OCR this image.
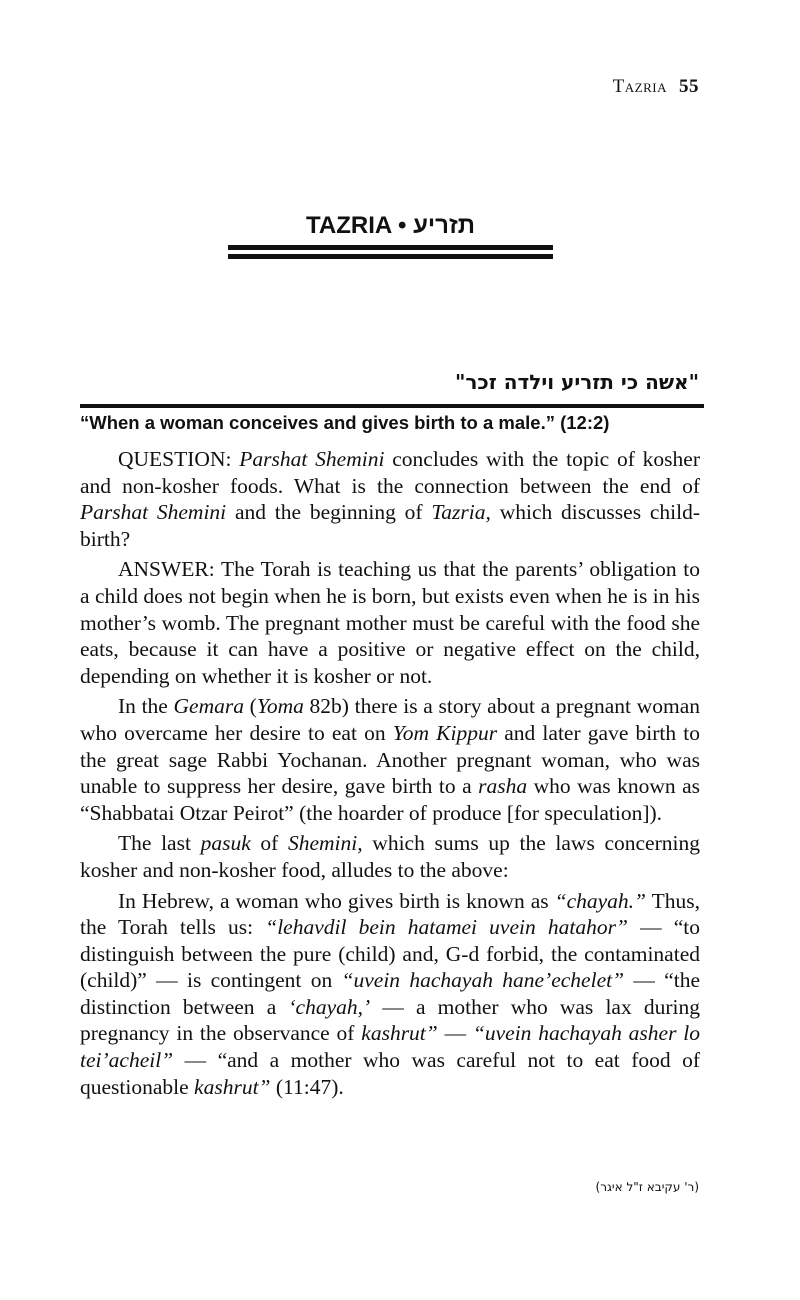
Tazria 55
TAZRIA • תזריע
"אשה כי תזריע וילדה זכר"
“When a woman conceives and gives birth to a male.” (12:2)

QUESTION: Parshat Shemini concludes with the topic of kosher and non-kosher foods. What is the connection between the end of Parshat Shemini and the beginning of Tazria, which discusses child-birth?

ANSWER: The Torah is teaching us that the parents’ obligation to a child does not begin when he is born, but exists even when he is in his mother’s womb. The pregnant mother must be careful with the food she eats, because it can have a positive or negative effect on the child, depending on whether it is kosher or not.

In the Gemara (Yoma 82b) there is a story about a pregnant woman who overcame her desire to eat on Yom Kippur and later gave birth to the great sage Rabbi Yochanan. Another pregnant woman, who was unable to suppress her desire, gave birth to a rasha who was known as “Shabbatai Otzar Peirot” (the hoarder of produce [for speculation]).

The last pasuk of Shemini, which sums up the laws concerning kosher and non-kosher food, alludes to the above:

In Hebrew, a woman who gives birth is known as “chayah.” Thus, the Torah tells us: “lehavdil bein hatamei uvein hatahor” — “to distinguish between the pure (child) and, G-d forbid, the contaminated (child)” — is contingent on “uvein hachayah hane’echelet” — “the distinction between a ‘chayah,’ — a mother who was lax during pregnancy in the observance of kashrut” — “uvein hachayah asher lo tei’acheil” — “and a mother who was careful not to eat food of questionable kashrut” (11:47).

(ר' עקיבא ז"ל איגר)
